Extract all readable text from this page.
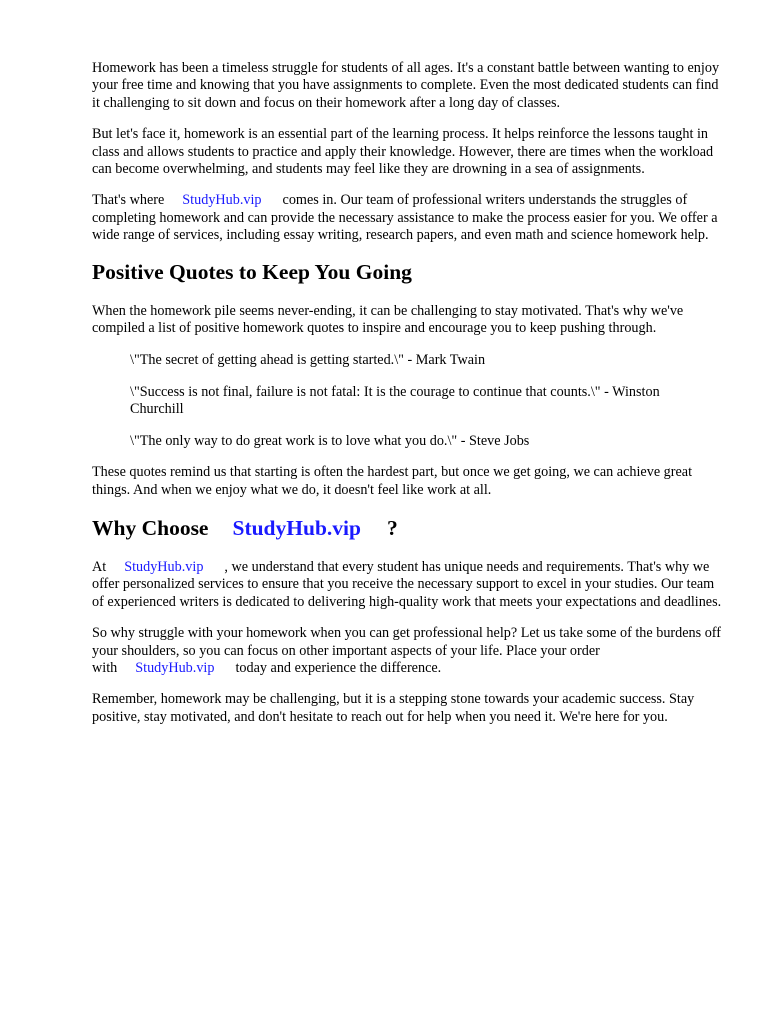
Homework has been a timeless struggle for students of all ages. It's a constant battle between wanting to enjoy your free time and knowing that you have assignments to complete. Even the most dedicated students can find it challenging to sit down and focus on their homework after a long day of classes.

But let's face it, homework is an essential part of the learning process. It helps reinforce the lessons taught in class and allows students to practice and apply their knowledge. However, there are times when the workload can become overwhelming, and students may feel like they are drowning in a sea of assignments.

That's where StudyHub.vip comes in. Our team of professional writers understands the struggles of completing homework and can provide the necessary assistance to make the process easier for you. We offer a wide range of services, including essay writing, research papers, and even math and science homework help.

Positive Quotes to Keep You Going

When the homework pile seems never-ending, it can be challenging to stay motivated. That's why we've compiled a list of positive homework quotes to inspire and encourage you to keep pushing through.

\"The secret of getting ahead is getting started.\" - Mark Twain

\"Success is not final, failure is not fatal: It is the courage to continue that counts.\" - Winston Churchill

\"The only way to do great work is to love what you do.\" - Steve Jobs

These quotes remind us that starting is often the hardest part, but once we get going, we can achieve great things. And when we enjoy what we do, it doesn't feel like work at all.

Why Choose StudyHub.vip ?

At StudyHub.vip , we understand that every student has unique needs and requirements. That's why we offer personalized services to ensure that you receive the necessary support to excel in your studies. Our team of experienced writers is dedicated to delivering high-quality work that meets your expectations and deadlines.

So why struggle with your homework when you can get professional help? Let us take some of the burdens off your shoulders, so you can focus on other important aspects of your life. Place your order with StudyHub.vip today and experience the difference.

Remember, homework may be challenging, but it is a stepping stone towards your academic success. Stay positive, stay motivated, and don't hesitate to reach out for help when you need it. We're here for you.
